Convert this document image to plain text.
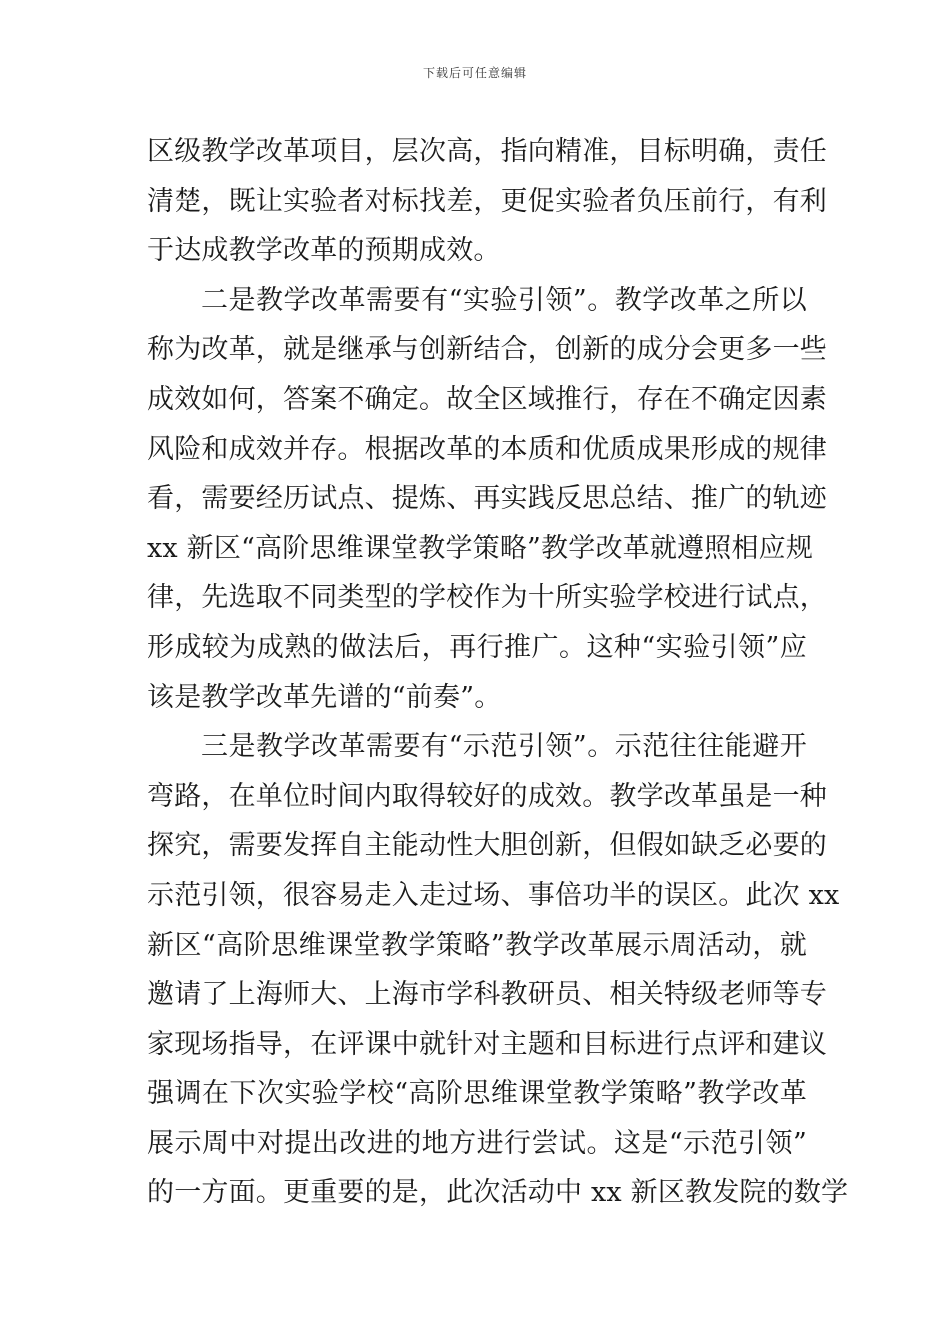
下载后可任意编辑
区级教学改革项目，层次高，指向精准，目标明确，责任
清楚，既让实验者对标找差，更促实验者负压前行，有利
于达成教学改革的预期成效。
二是教学改革需要有“实验引领”。教学改革之所以
称为改革，就是继承与创新结合，创新的成分会更多一些
成效如何，答案不确定。故全区域推行，存在不确定因素
风险和成效并存。根据改革的本质和优质成果形成的规律
看，需要经历试点、提炼、再实践反思总结、推广的轨迹
xx 新区“高阶思维课堂教学策略”教学改革就遵照相应规
律，先选取不同类型的学校作为十所实验学校进行试点，
形成较为成熟的做法后，再行推广。这种“实验引领”应
该是教学改革先谱的“前奏”。
三是教学改革需要有“示范引领”。示范往往能避开
弯路，在单位时间内取得较好的成效。教学改革虽是一种
探究，需要发挥自主能动性大胆创新，但假如缺乏必要的
示范引领，很容易走入走过场、事倍功半的误区。此次 xx
新区“高阶思维课堂教学策略”教学改革展示周活动，就
邀请了上海师大、上海市学科教研员、相关特级老师等专
家现场指导，在评课中就针对主题和目标进行点评和建议
强调在下次实验学校“高阶思维课堂教学策略”教学改革
展示周中对提出改进的地方进行尝试。这是“示范引领”
的一方面。更重要的是，此次活动中 xx 新区教发院的数学
